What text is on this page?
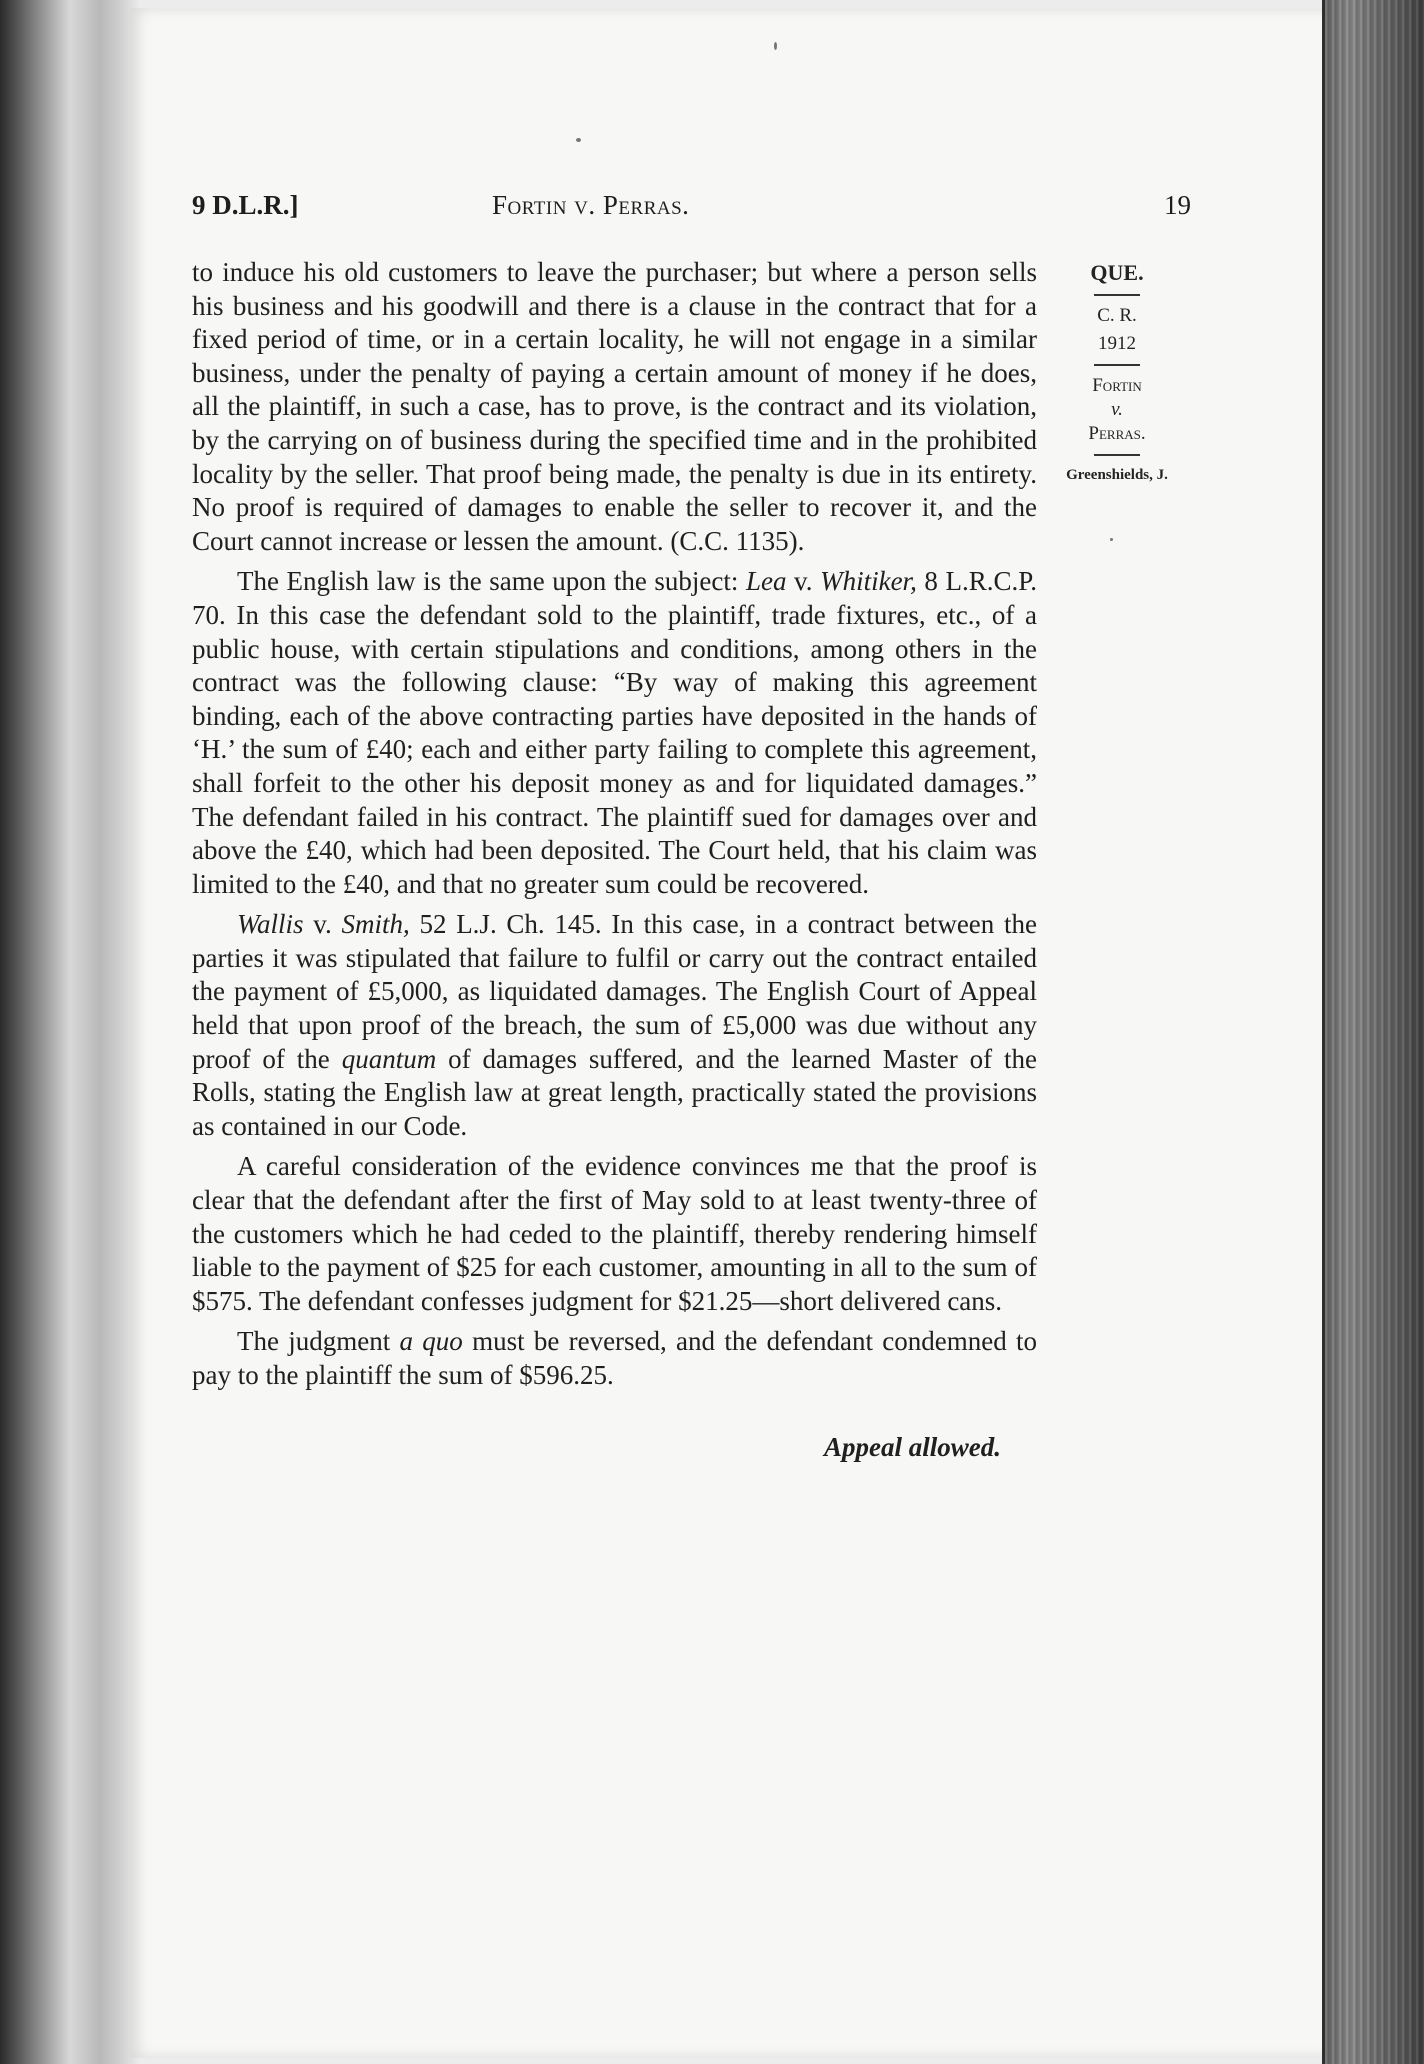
9 D.L.R.]	Fortin v. Perras.	19

to induce his old customers to leave the purchaser; but where a person sells his business and his goodwill and there is a clause in the contract that for a fixed period of time, or in a certain locality, he will not engage in a similar business, under the penalty of paying a certain amount of money if he does, all the plaintiff, in such a case, has to prove, is the contract and its violation, by the carrying on of business during the specified time and in the prohibited locality by the seller. That proof being made, the penalty is due in its entirety. No proof is required of damages to enable the seller to recover it, and the Court cannot increase or lessen the amount. (C.C. 1135).

The English law is the same upon the subject: Lea v. Whitiker, 8 L.R.C.P. 70. In this case the defendant sold to the plaintiff, trade fixtures, etc., of a public house, with certain stipulations and conditions, among others in the contract was the following clause: “By way of making this agreement binding, each of the above contracting parties have deposited in the hands of ‘H.’ the sum of £40; each and either party failing to complete this agreement, shall forfeit to the other his deposit money as and for liquidated damages.” The defendant failed in his contract. The plaintiff sued for damages over and above the £40, which had been deposited. The Court held, that his claim was limited to the £40, and that no greater sum could be recovered.

Wallis v. Smith, 52 L.J. Ch. 145. In this case, in a contract between the parties it was stipulated that failure to fulfil or carry out the contract entailed the payment of £5,000, as liquidated damages. The English Court of Appeal held that upon proof of the breach, the sum of £5,000 was due without any proof of the quantum of damages suffered, and the learned Master of the Rolls, stating the English law at great length, practically stated the provisions as contained in our Code.

A careful consideration of the evidence convinces me that the proof is clear that the defendant after the first of May sold to at least twenty-three of the customers which he had ceded to the plaintiff, thereby rendering himself liable to the payment of $25 for each customer, amounting in all to the sum of $575. The defendant confesses judgment for $21.25—short delivered cans.

The judgment a quo must be reversed, and the defendant condemned to pay to the plaintiff the sum of $596.25.

Appeal allowed.

QUE.
C. R.
1912
Fortin
v.
Perras.
Greenshields, J.
